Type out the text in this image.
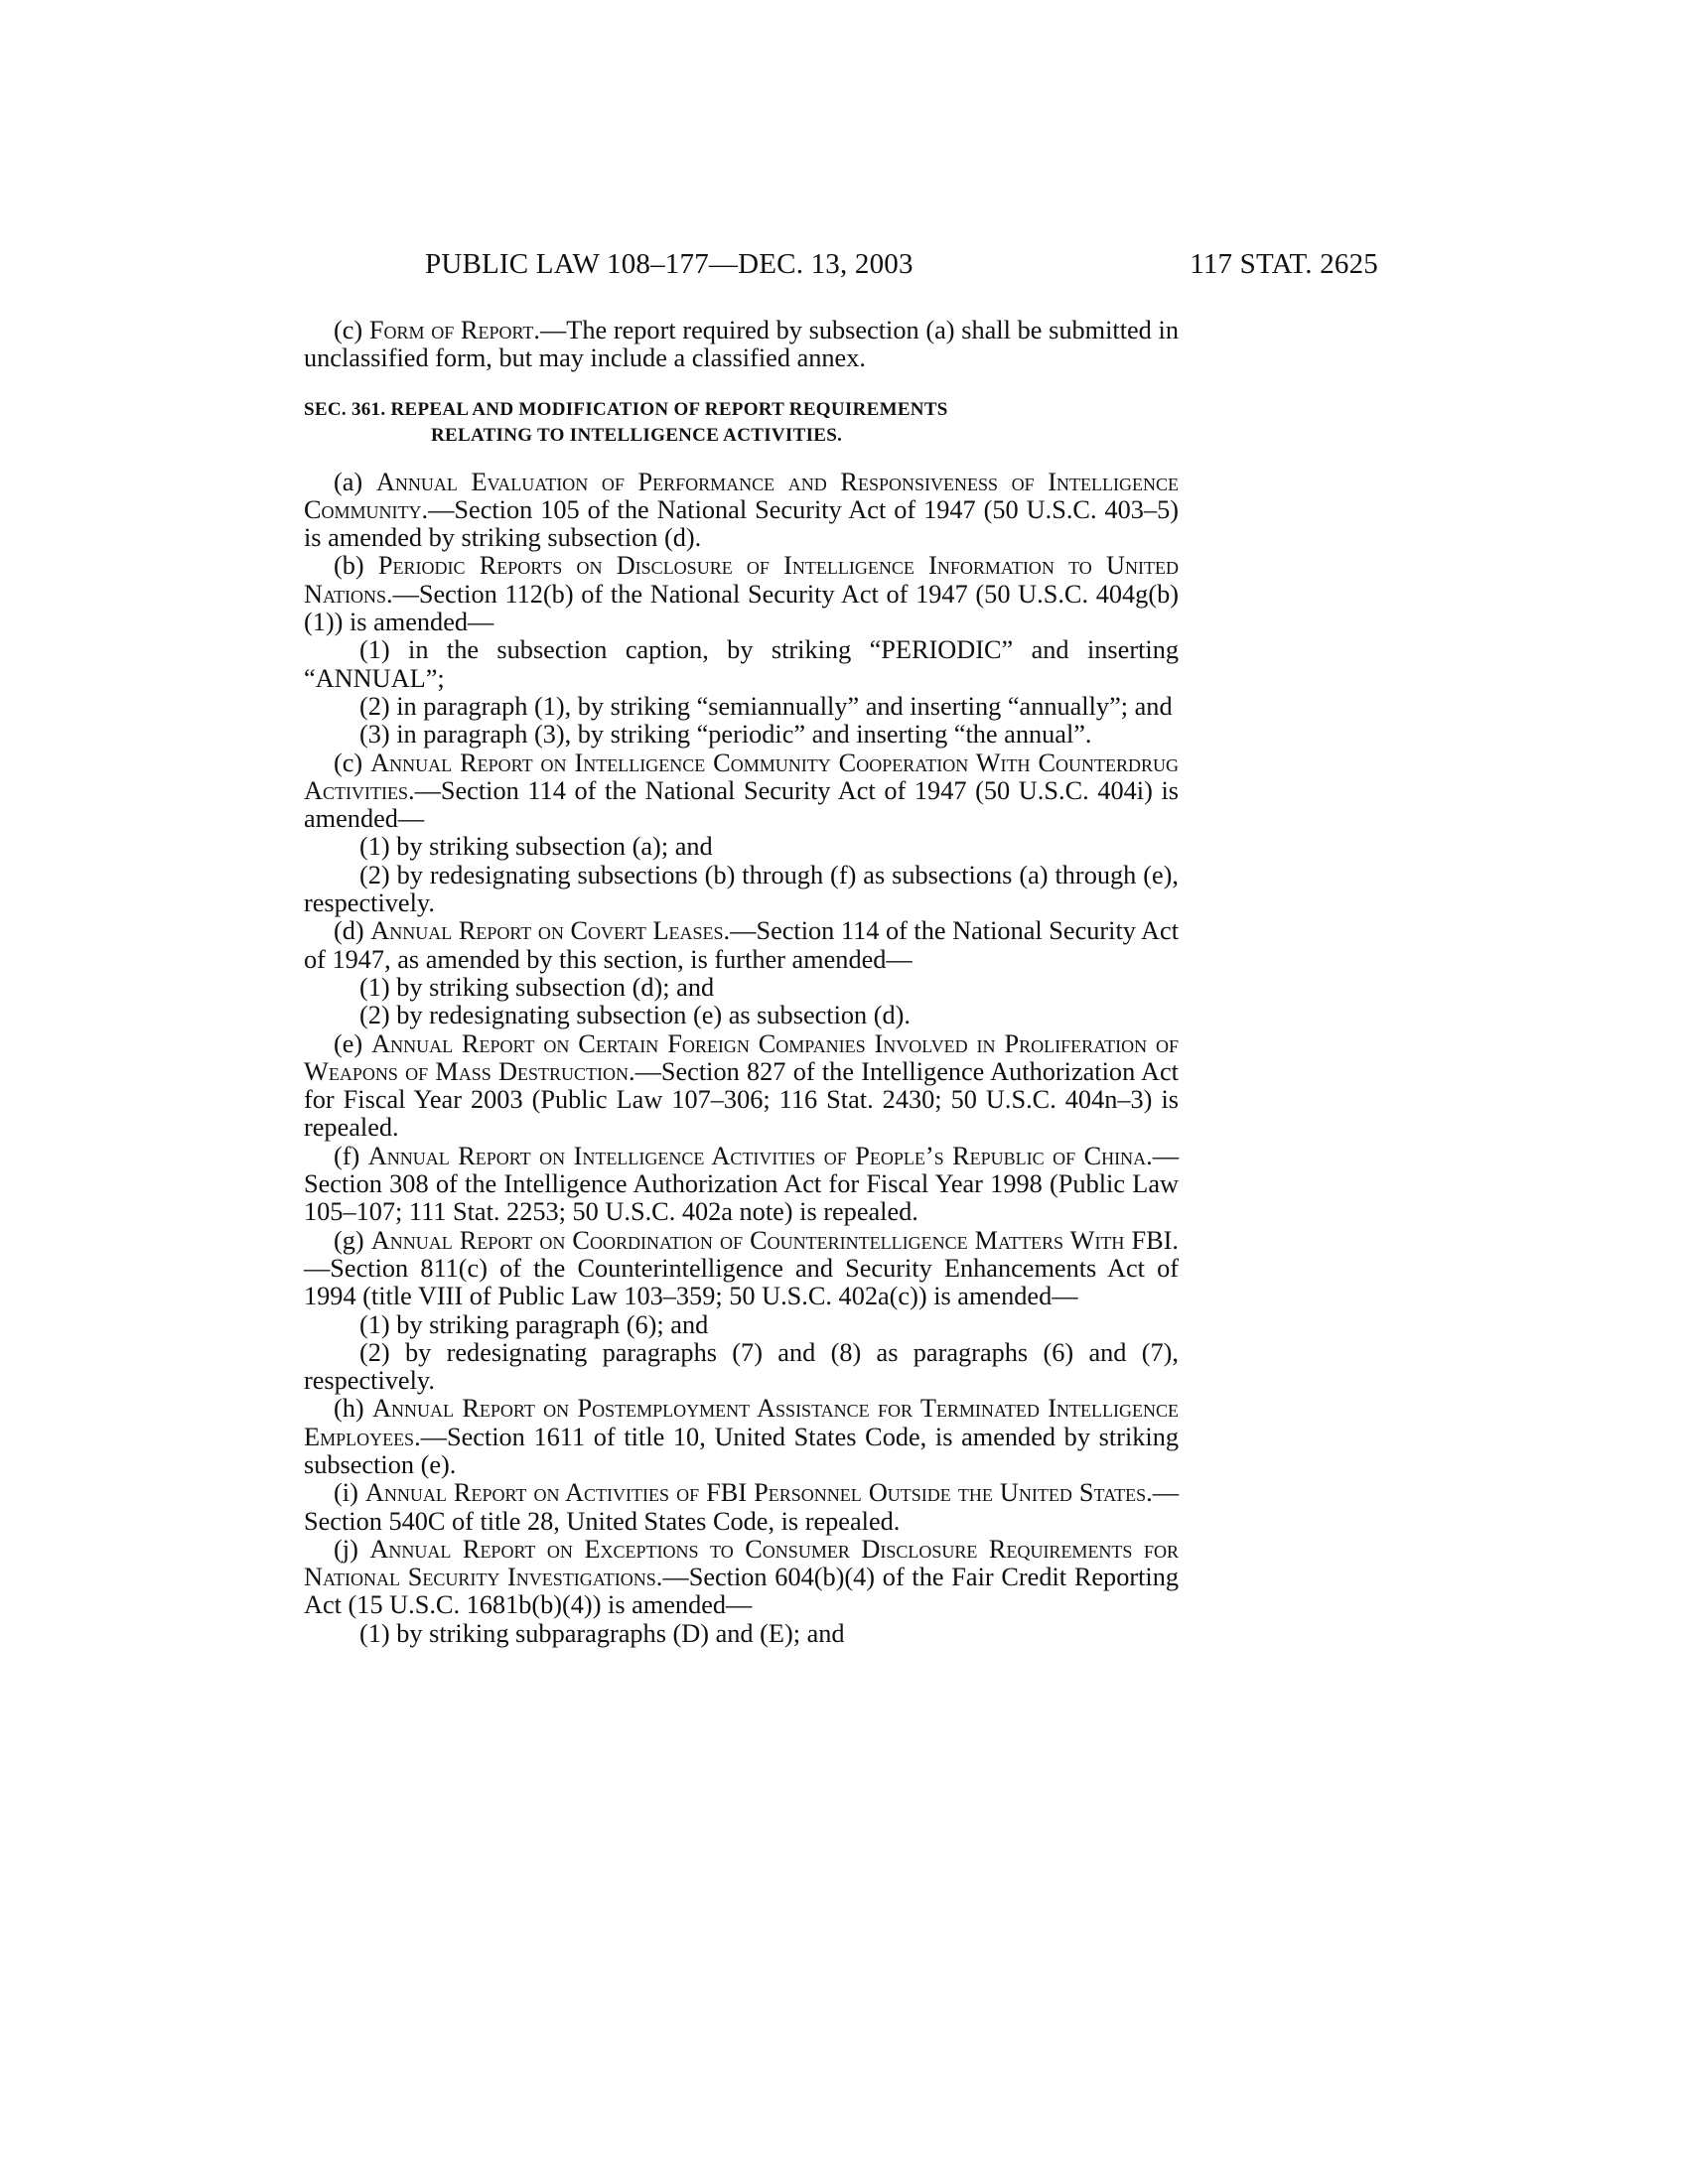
PUBLIC LAW 108–177—DEC. 13, 2003	117 STAT. 2625

(c) Form of Report.—The report required by subsection (a) shall be submitted in unclassified form, but may include a classified annex.

SEC. 361. REPEAL AND MODIFICATION OF REPORT REQUIREMENTS
RELATING TO INTELLIGENCE ACTIVITIES.

(a) Annual Evaluation of Performance and Responsiveness of Intelligence Community.—Section 105 of the National Security Act of 1947 (50 U.S.C. 403–5) is amended by striking subsection (d).

(b) Periodic Reports on Disclosure of Intelligence Information to United Nations.—Section 112(b) of the National Security Act of 1947 (50 U.S.C. 404g(b)(1)) is amended—

(1) in the subsection caption, by striking “PERIODIC” and inserting “ANNUAL”;

(2) in paragraph (1), by striking “semiannually” and inserting “annually”; and

(3) in paragraph (3), by striking “periodic” and inserting “the annual”.

(c) Annual Report on Intelligence Community Cooperation With Counterdrug Activities.—Section 114 of the National Security Act of 1947 (50 U.S.C. 404i) is amended—

(1) by striking subsection (a); and

(2) by redesignating subsections (b) through (f) as subsections (a) through (e), respectively.

(d) Annual Report on Covert Leases.—Section 114 of the National Security Act of 1947, as amended by this section, is further amended—

(1) by striking subsection (d); and

(2) by redesignating subsection (e) as subsection (d).

(e) Annual Report on Certain Foreign Companies Involved in Proliferation of Weapons of Mass Destruction.—Section 827 of the Intelligence Authorization Act for Fiscal Year 2003 (Public Law 107–306; 116 Stat. 2430; 50 U.S.C. 404n–3) is repealed.

(f) Annual Report on Intelligence Activities of People’s Republic of China.—Section 308 of the Intelligence Authorization Act for Fiscal Year 1998 (Public Law 105–107; 111 Stat. 2253; 50 U.S.C. 402a note) is repealed.

(g) Annual Report on Coordination of Counterintelligence Matters With FBI.—Section 811(c) of the Counterintelligence and Security Enhancements Act of 1994 (title VIII of Public Law 103–359; 50 U.S.C. 402a(c)) is amended—

(1) by striking paragraph (6); and

(2) by redesignating paragraphs (7) and (8) as paragraphs (6) and (7), respectively.

(h) Annual Report on Postemployment Assistance for Terminated Intelligence Employees.—Section 1611 of title 10, United States Code, is amended by striking subsection (e).

(i) Annual Report on Activities of FBI Personnel Outside the United States.—Section 540C of title 28, United States Code, is repealed.

(j) Annual Report on Exceptions to Consumer Disclosure Requirements for National Security Investigations.—Section 604(b)(4) of the Fair Credit Reporting Act (15 U.S.C. 1681b(b)(4)) is amended—

(1) by striking subparagraphs (D) and (E); and
